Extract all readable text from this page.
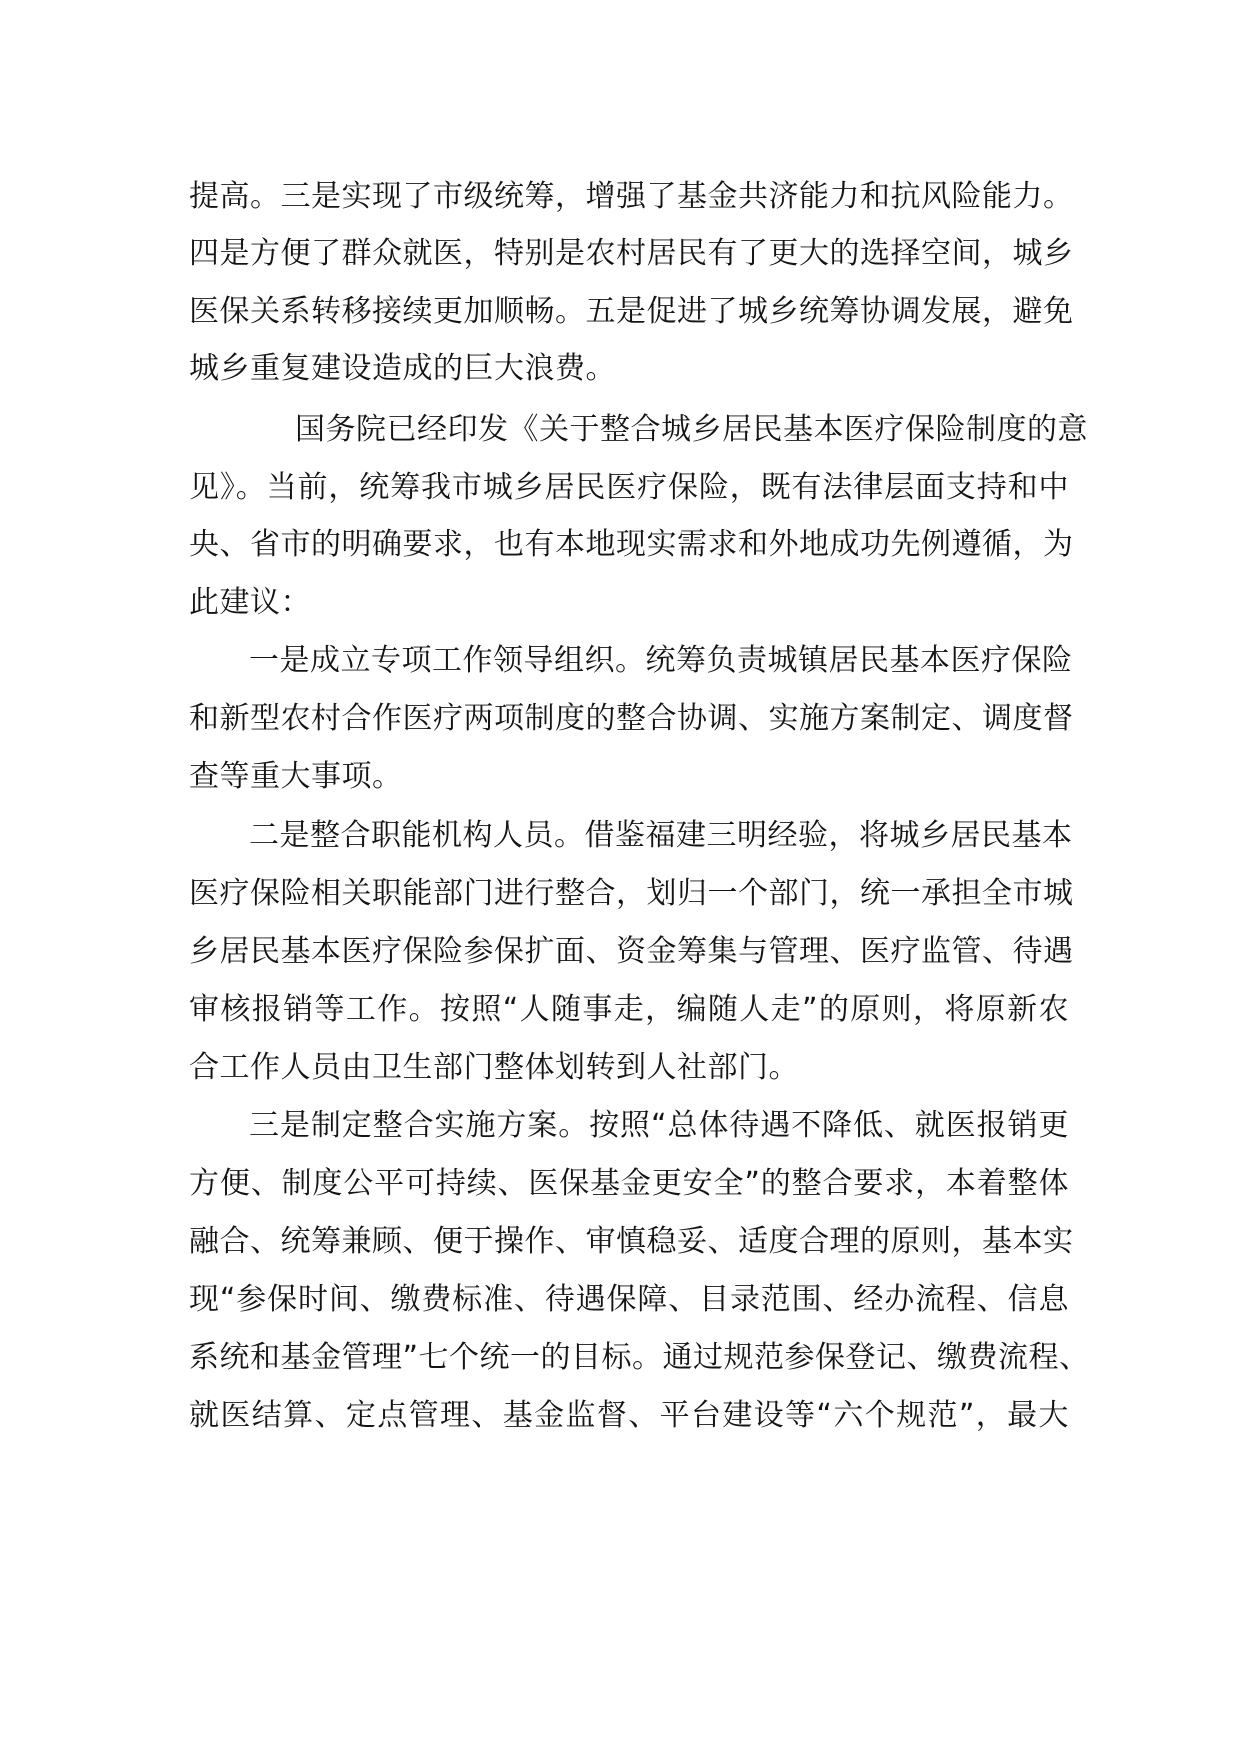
提高。三是实现了市级统筹，增强了基金共济能力和抗风险能力。
四是方便了群众就医，特别是农村居民有了更大的选择空间，城乡
医保关系转移接续更加顺畅。五是促进了城乡统筹协调发展，避免
城乡重复建设造成的巨大浪费。
国务院已经印发《关于整合城乡居民基本医疗保险制度的意
见》。当前，统筹我市城乡居民医疗保险，既有法律层面支持和中
央、省市的明确要求，也有本地现实需求和外地成功先例遵循，为
此建议：
一是成立专项工作领导组织。统筹负责城镇居民基本医疗保险
和新型农村合作医疗两项制度的整合协调、实施方案制定、调度督
查等重大事项。
二是整合职能机构人员。借鉴福建三明经验，将城乡居民基本
医疗保险相关职能部门进行整合，划归一个部门，统一承担全市城
乡居民基本医疗保险参保扩面、资金筹集与管理、医疗监管、待遇
审核报销等工作。按照“人随事走，编随人走”的原则，将原新农
合工作人员由卫生部门整体划转到人社部门。
三是制定整合实施方案。按照“总体待遇不降低、就医报销更
方便、制度公平可持续、医保基金更安全”的整合要求，本着整体
融合、统筹兼顾、便于操作、审慎稳妥、适度合理的原则，基本实
现“参保时间、缴费标准、待遇保障、目录范围、经办流程、信息
系统和基金管理”七个统一的目标。通过规范参保登记、缴费流程、
就医结算、定点管理、基金监督、平台建设等“六个规范”，最大
